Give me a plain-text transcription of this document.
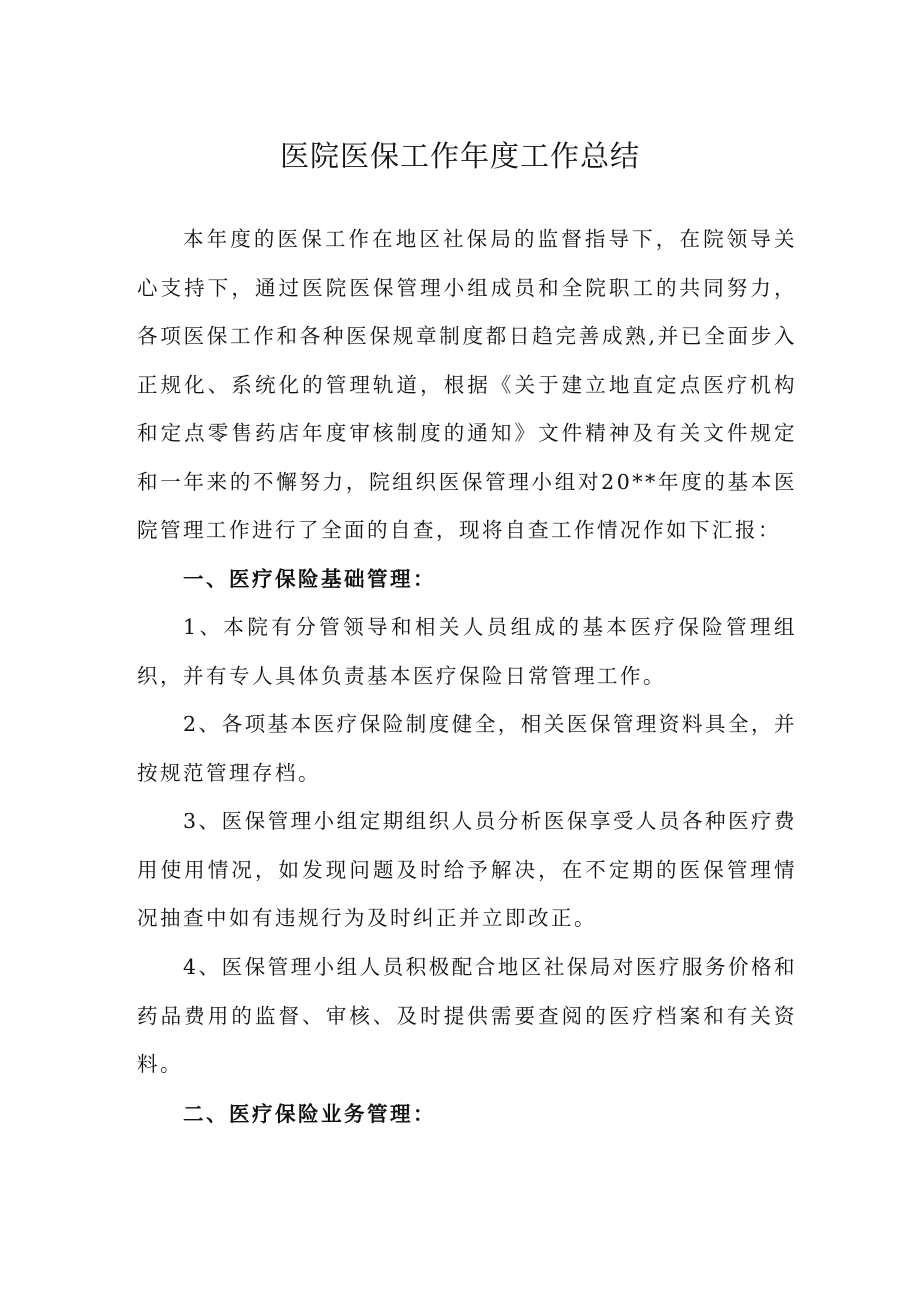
医院医保工作年度工作总结

本年度的医保工作在地区社保局的监督指导下，在院领导关心支持下，通过医院医保管理小组成员和全院职工的共同努力，各项医保工作和各种医保规章制度都日趋完善成熟,并已全面步入正规化、系统化的管理轨道，根据《关于建立地直定点医疗机构和定点零售药店年度审核制度的通知》文件精神及有关文件规定和一年来的不懈努力，院组织医保管理小组对20**年度的基本医院管理工作进行了全面的自查，现将自查工作情况作如下汇报：

一、医疗保险基础管理：

1、本院有分管领导和相关人员组成的基本医疗保险管理组织，并有专人具体负责基本医疗保险日常管理工作。

2、各项基本医疗保险制度健全，相关医保管理资料具全，并按规范管理存档。

3、医保管理小组定期组织人员分析医保享受人员各种医疗费用使用情况，如发现问题及时给予解决，在不定期的医保管理情况抽查中如有违规行为及时纠正并立即改正。

4、医保管理小组人员积极配合地区社保局对医疗服务价格和药品费用的监督、审核、及时提供需要查阅的医疗档案和有关资料。

二、医疗保险业务管理：
